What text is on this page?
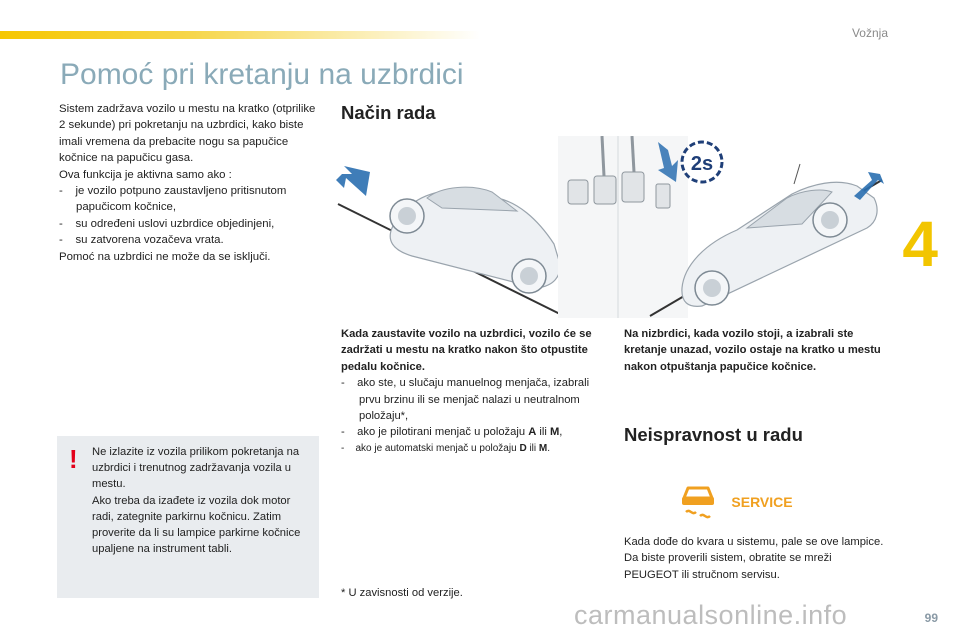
Vožnja
4
Pomoć pri kretanju na uzbrdici

Sistem zadržava vozilo u mestu na kratko (otprilike 2 sekunde) pri pokretanju na uzbrdici, kako biste imali vremena da prebacite nogu sa papučice kočnice na papučicu gasa.

Ova funkcija je aktivna samo ako :

-    je vozilo potpuno zaustavljeno pritisnutom papučicom kočnice,

-    su određeni uslovi uzbrdice objedinjeni,

-    su zatvorena vozačeva vrata.

Pomoć na uzbrdici ne može da se isključi.

Način rada
2s
! Ne izlazite iz vozila prilikom pokretanja na uzbrdici i trenutnog zadržavanja vozila u mestu.
Ako treba da izađete iz vozila dok motor radi, zategnite parkirnu kočnicu. Zatim proverite da li su lampice parkirne kočnice upaljene na instrument tabli.

Kada zaustavite vozilo na uzbrdici, vozilo će se zadržati u mestu na kratko nakon što otpustite pedalu kočnice.

-    ako ste, u slučaju manuelnog menjača, izabrali prvu brzinu ili se menjač nalazi u neutralnom položaju*,

-    ako je pilotirani menjač u položaju A ili M,

-    ako je automatski menjač u položaju D ili M.

Na nizbrdici, kada vozilo stoji, a izabrali ste kretanje unazad, vozilo ostaje na kratko u mestu nakon otpuštanja papučice kočnice.
Neispravnost u radu
SERVICE
Kada dođe do kvara u sistemu, pale se ove lampice. Da biste proverili sistem, obratite se mreži PEUGEOT ili stručnom servisu.
* U zavisnosti od verzije.
carmanualsonline.info	99
